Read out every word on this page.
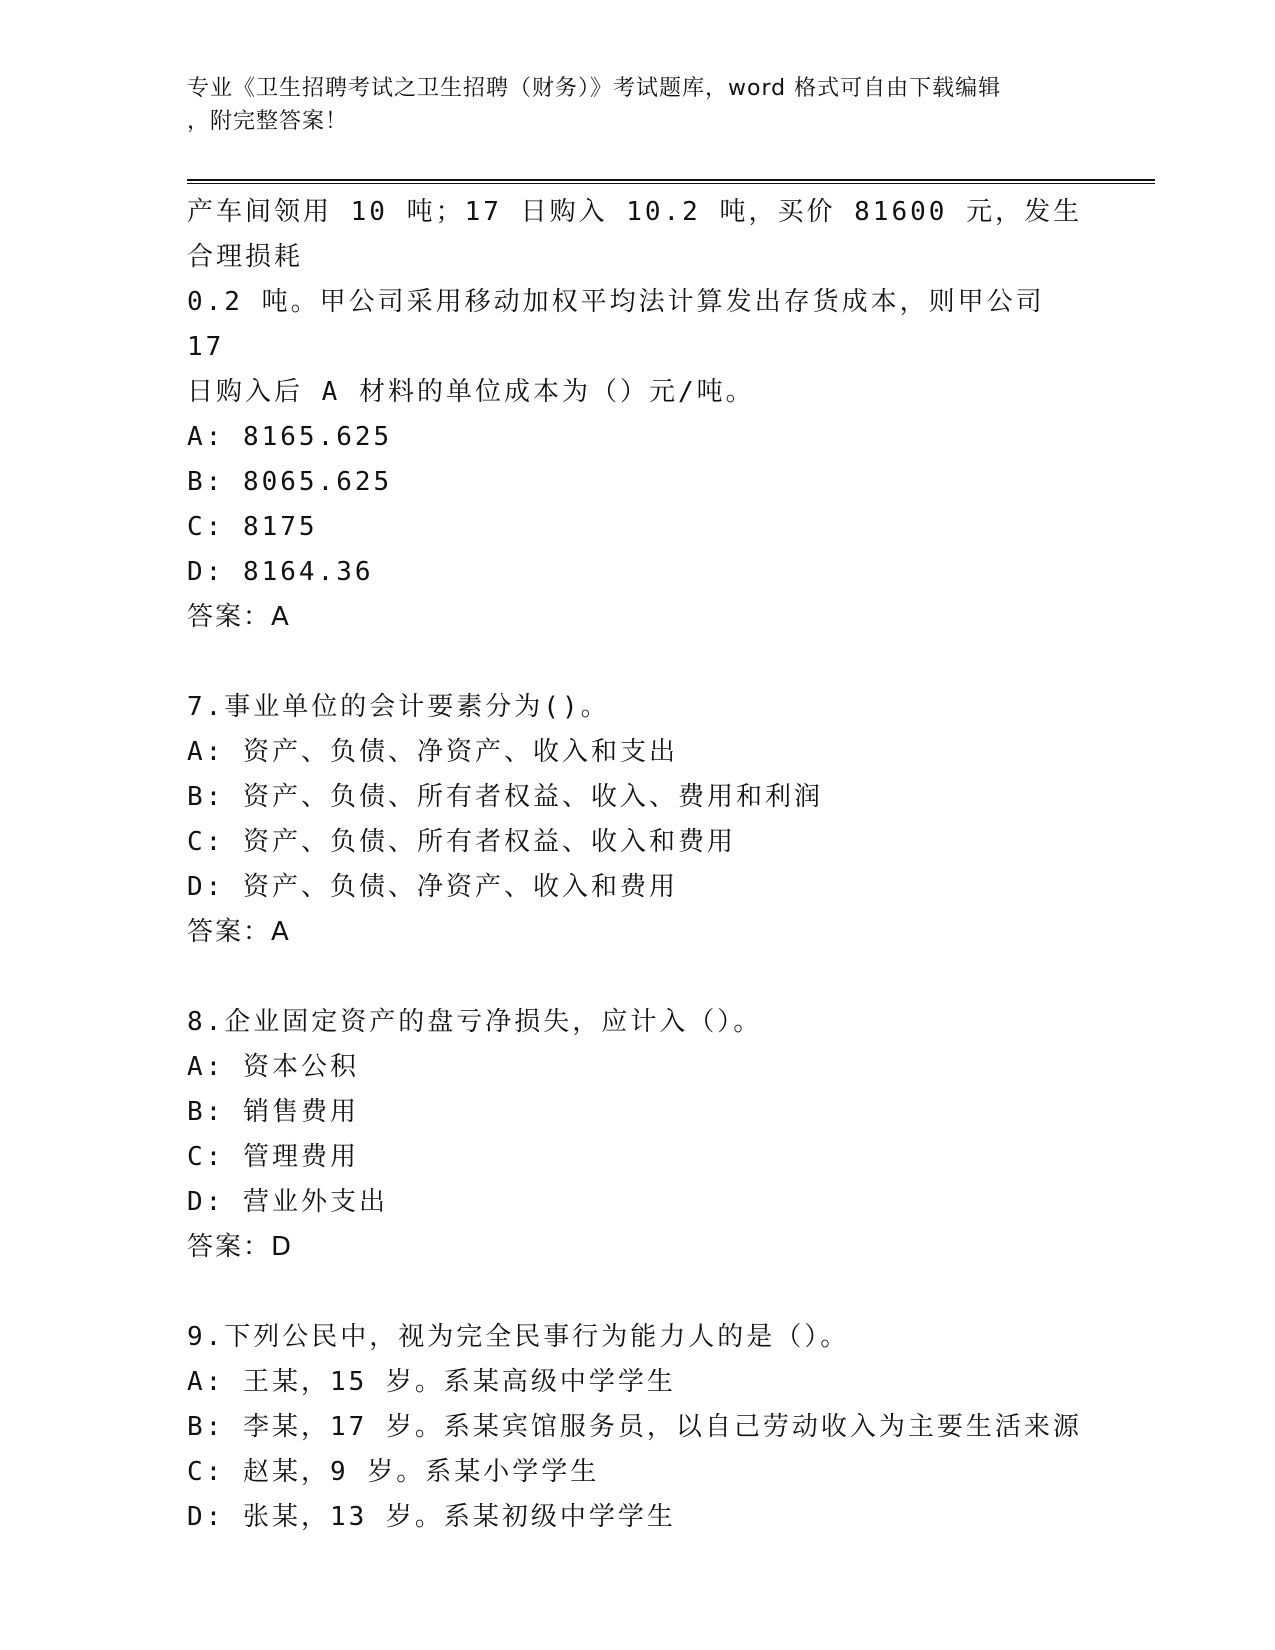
专业《卫生招聘考试之卫生招聘（财务）》考试题库，word 格式可自由下载编辑
，附完整答案！

产车间领用 10 吨；17 日购入 10.2 吨，买价 81600 元，发生合理损耗

0.2 吨。甲公司采用移动加权平均法计算发出存货成本，则甲公司 17

日购入后 A 材料的单位成本为（）元/吨。

A: 8165.625

B: 8065.625

C: 8175

D: 8164.36

答案：A

7.事业单位的会计要素分为()。

A: 资产、负债、净资产、收入和支出

B: 资产、负债、所有者权益、收入、费用和利润

C: 资产、负债、所有者权益、收入和费用

D: 资产、负债、净资产、收入和费用

答案：A

8.企业固定资产的盘亏净损失，应计入（）。

A: 资本公积

B: 销售费用

C: 管理费用

D: 营业外支出

答案：D

9.下列公民中，视为完全民事行为能力人的是（）。

A: 王某，15 岁。系某高级中学学生

B: 李某，17 岁。系某宾馆服务员，以自己劳动收入为主要生活来源

C: 赵某，9 岁。系某小学学生

D: 张某，13 岁。系某初级中学学生
